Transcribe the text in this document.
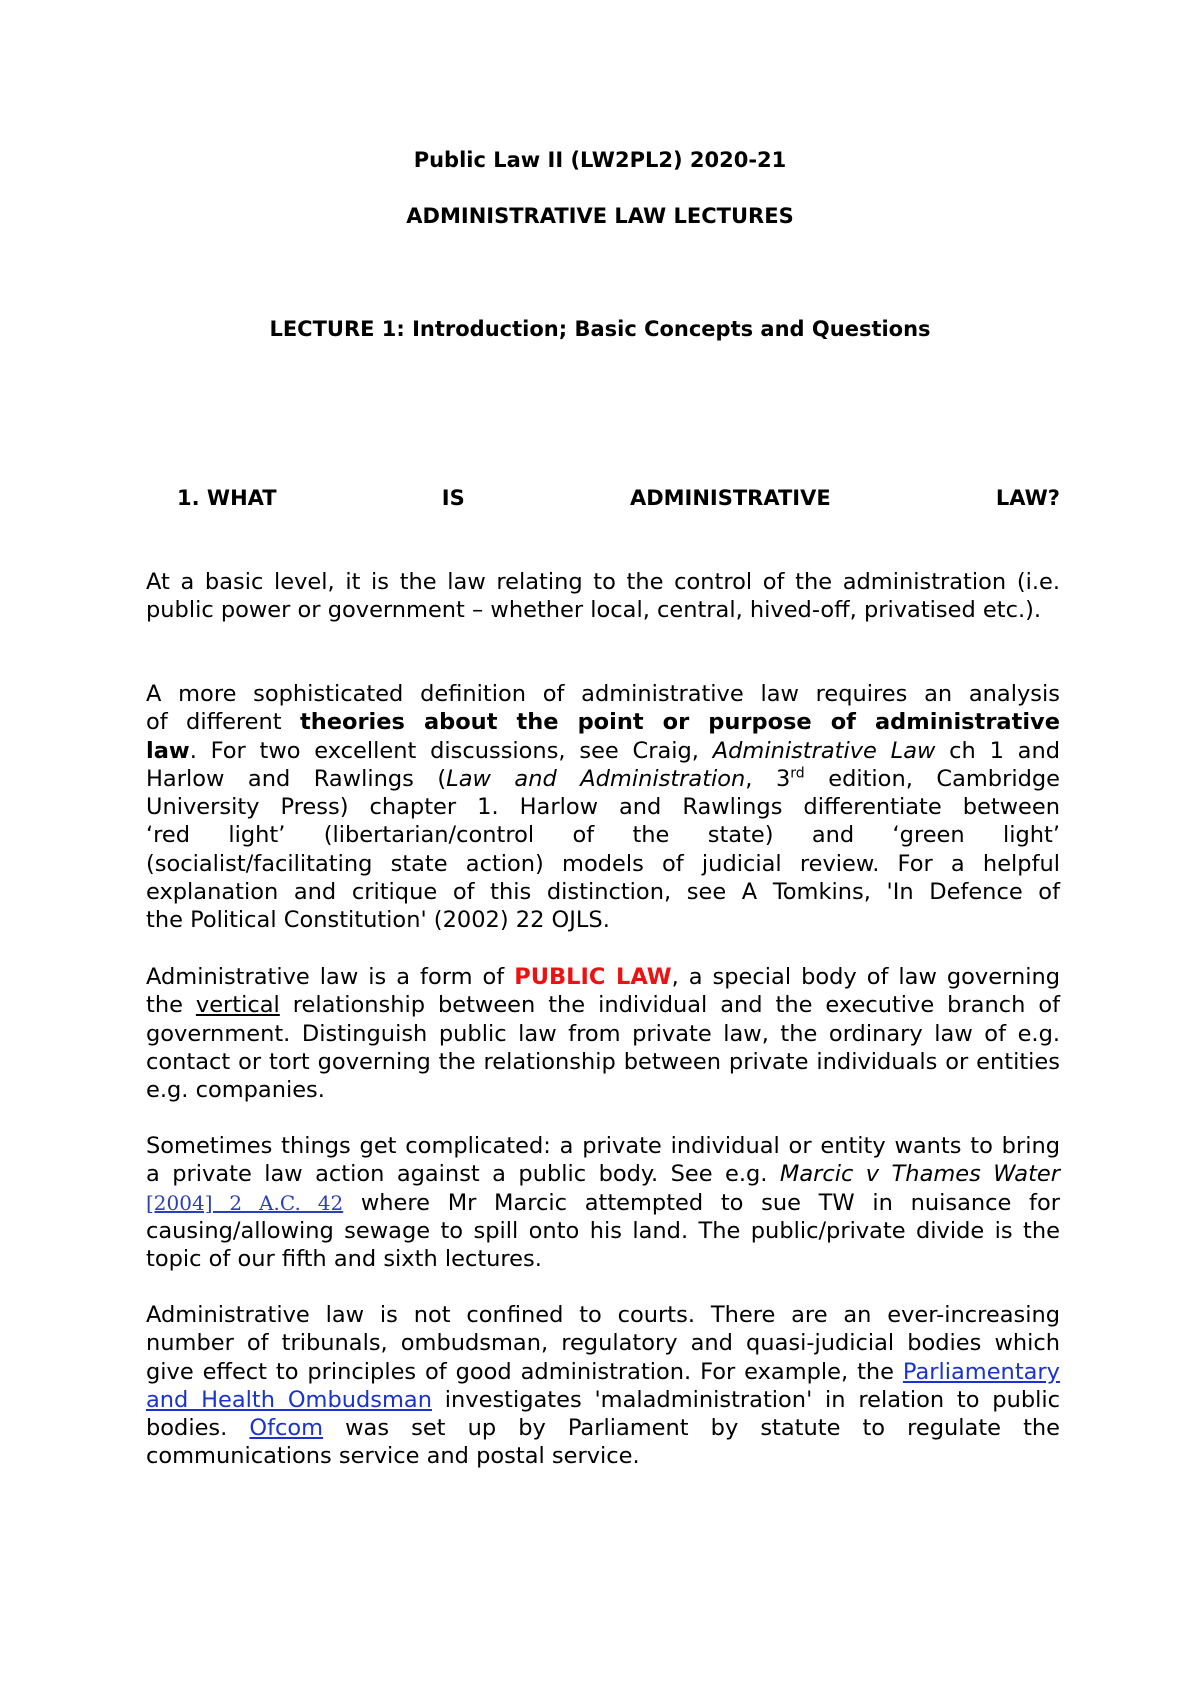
Public Law II (LW2PL2) 2020-21
ADMINISTRATIVE LAW LECTURES
LECTURE 1: Introduction; Basic Concepts and Questions
1. WHAT	IS	ADMINISTRATIVE	LAW?

At a basic level, it is the law relating to the control of the administration (i.e. public power or government – whether local, central, hived-off, privatised etc.).

A more sophisticated definition of administrative law requires an analysis
of different theories about the point or purpose of administrative
law. For two excellent discussions, see Craig, Administrative Law ch 1 and
Harlow and Rawlings (Law and Administration, 3rd edition, Cambridge
University Press) chapter 1. Harlow and Rawlings differentiate between
‘red light’ (libertarian/control of the state) and ‘green light’
(socialist/facilitating state action) models of judicial review. For a helpful
explanation and critique of this distinction, see A Tomkins, 'In Defence of
the Political Constitution' (2002) 22 OJLS.

Administrative law is a form of PUBLIC LAW, a special body of law governing the vertical relationship between the individual and the executive branch of government. Distinguish public law from private law, the ordinary law of e.g. contact or tort governing the relationship between private individuals or entities e.g. companies.

Sometimes things get complicated: a private individual or entity wants to bring a private law action against a public body. See e.g. Marcic v Thames Water [2004] 2 A.C. 42 where Mr Marcic attempted to sue TW in nuisance for causing/allowing sewage to spill onto his land. The public/private divide is the topic of our fifth and sixth lectures.

Administrative law is not confined to courts. There are an ever-increasing number of tribunals, ombudsman, regulatory and quasi-judicial bodies which give effect to principles of good administration. For example, the Parliamentary and Health Ombudsman investigates 'maladministration' in relation to public bodies. Ofcom was set up by Parliament by statute to regulate the communications service and postal service.
